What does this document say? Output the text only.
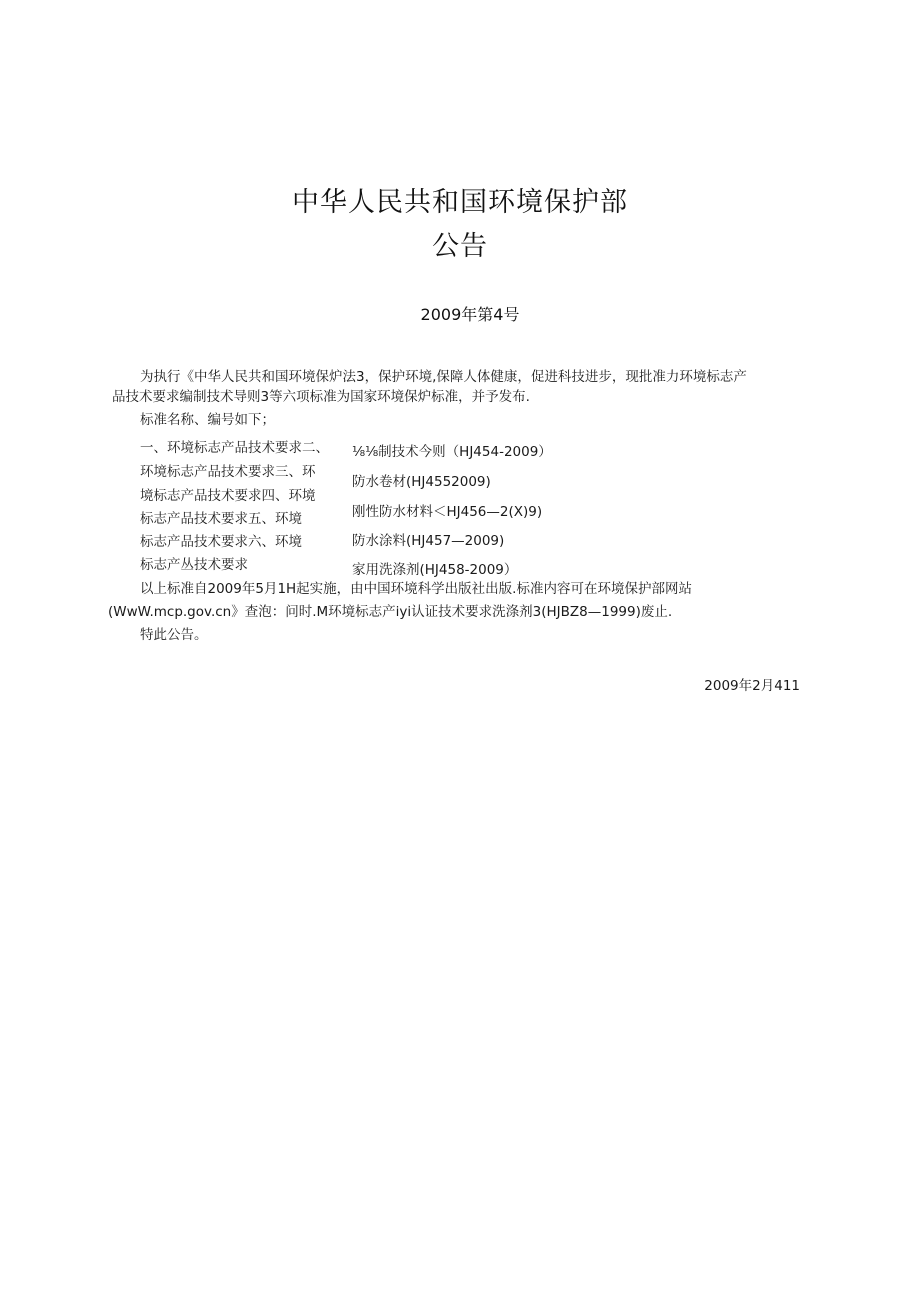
中华人民共和国环境保护部
公告
2009年第4号
为执行《中华人民共和国环境保炉法3，保护环境,保障人体健康，促进科技进步，现批准力环境标志产
品技术要求编制技术导则3等六项标准为国家环境保炉标准，并予发布.
标准名称、编号如下；
一、环境标志产品技术要求二、
环境标志产品技术要求三、环
境标志产品技术要求四、环境
标志产品技术要求五、环境
标志产品技术要求六、环境
标志产丛技术要求
⅛⅛制技术今则（HJ454-2009）
防水卷材(HJ4552009)
刚性防水材料＜HJ456—2(X)9)
防水涂料(HJ457—2009)
家用洗涤剂(HJ458-2009）
以上标准自2009年5月1H起实施，由中国环境科学出版社出版.标准内容可在环境保护部网站
(WwW.mcp.gov.cn》查泡：问时.M环境标志产ⅰyⅰ认证技术要求洗涤剂3(HJBZ8—1999)废止.
特此公告。
2009年2月411
